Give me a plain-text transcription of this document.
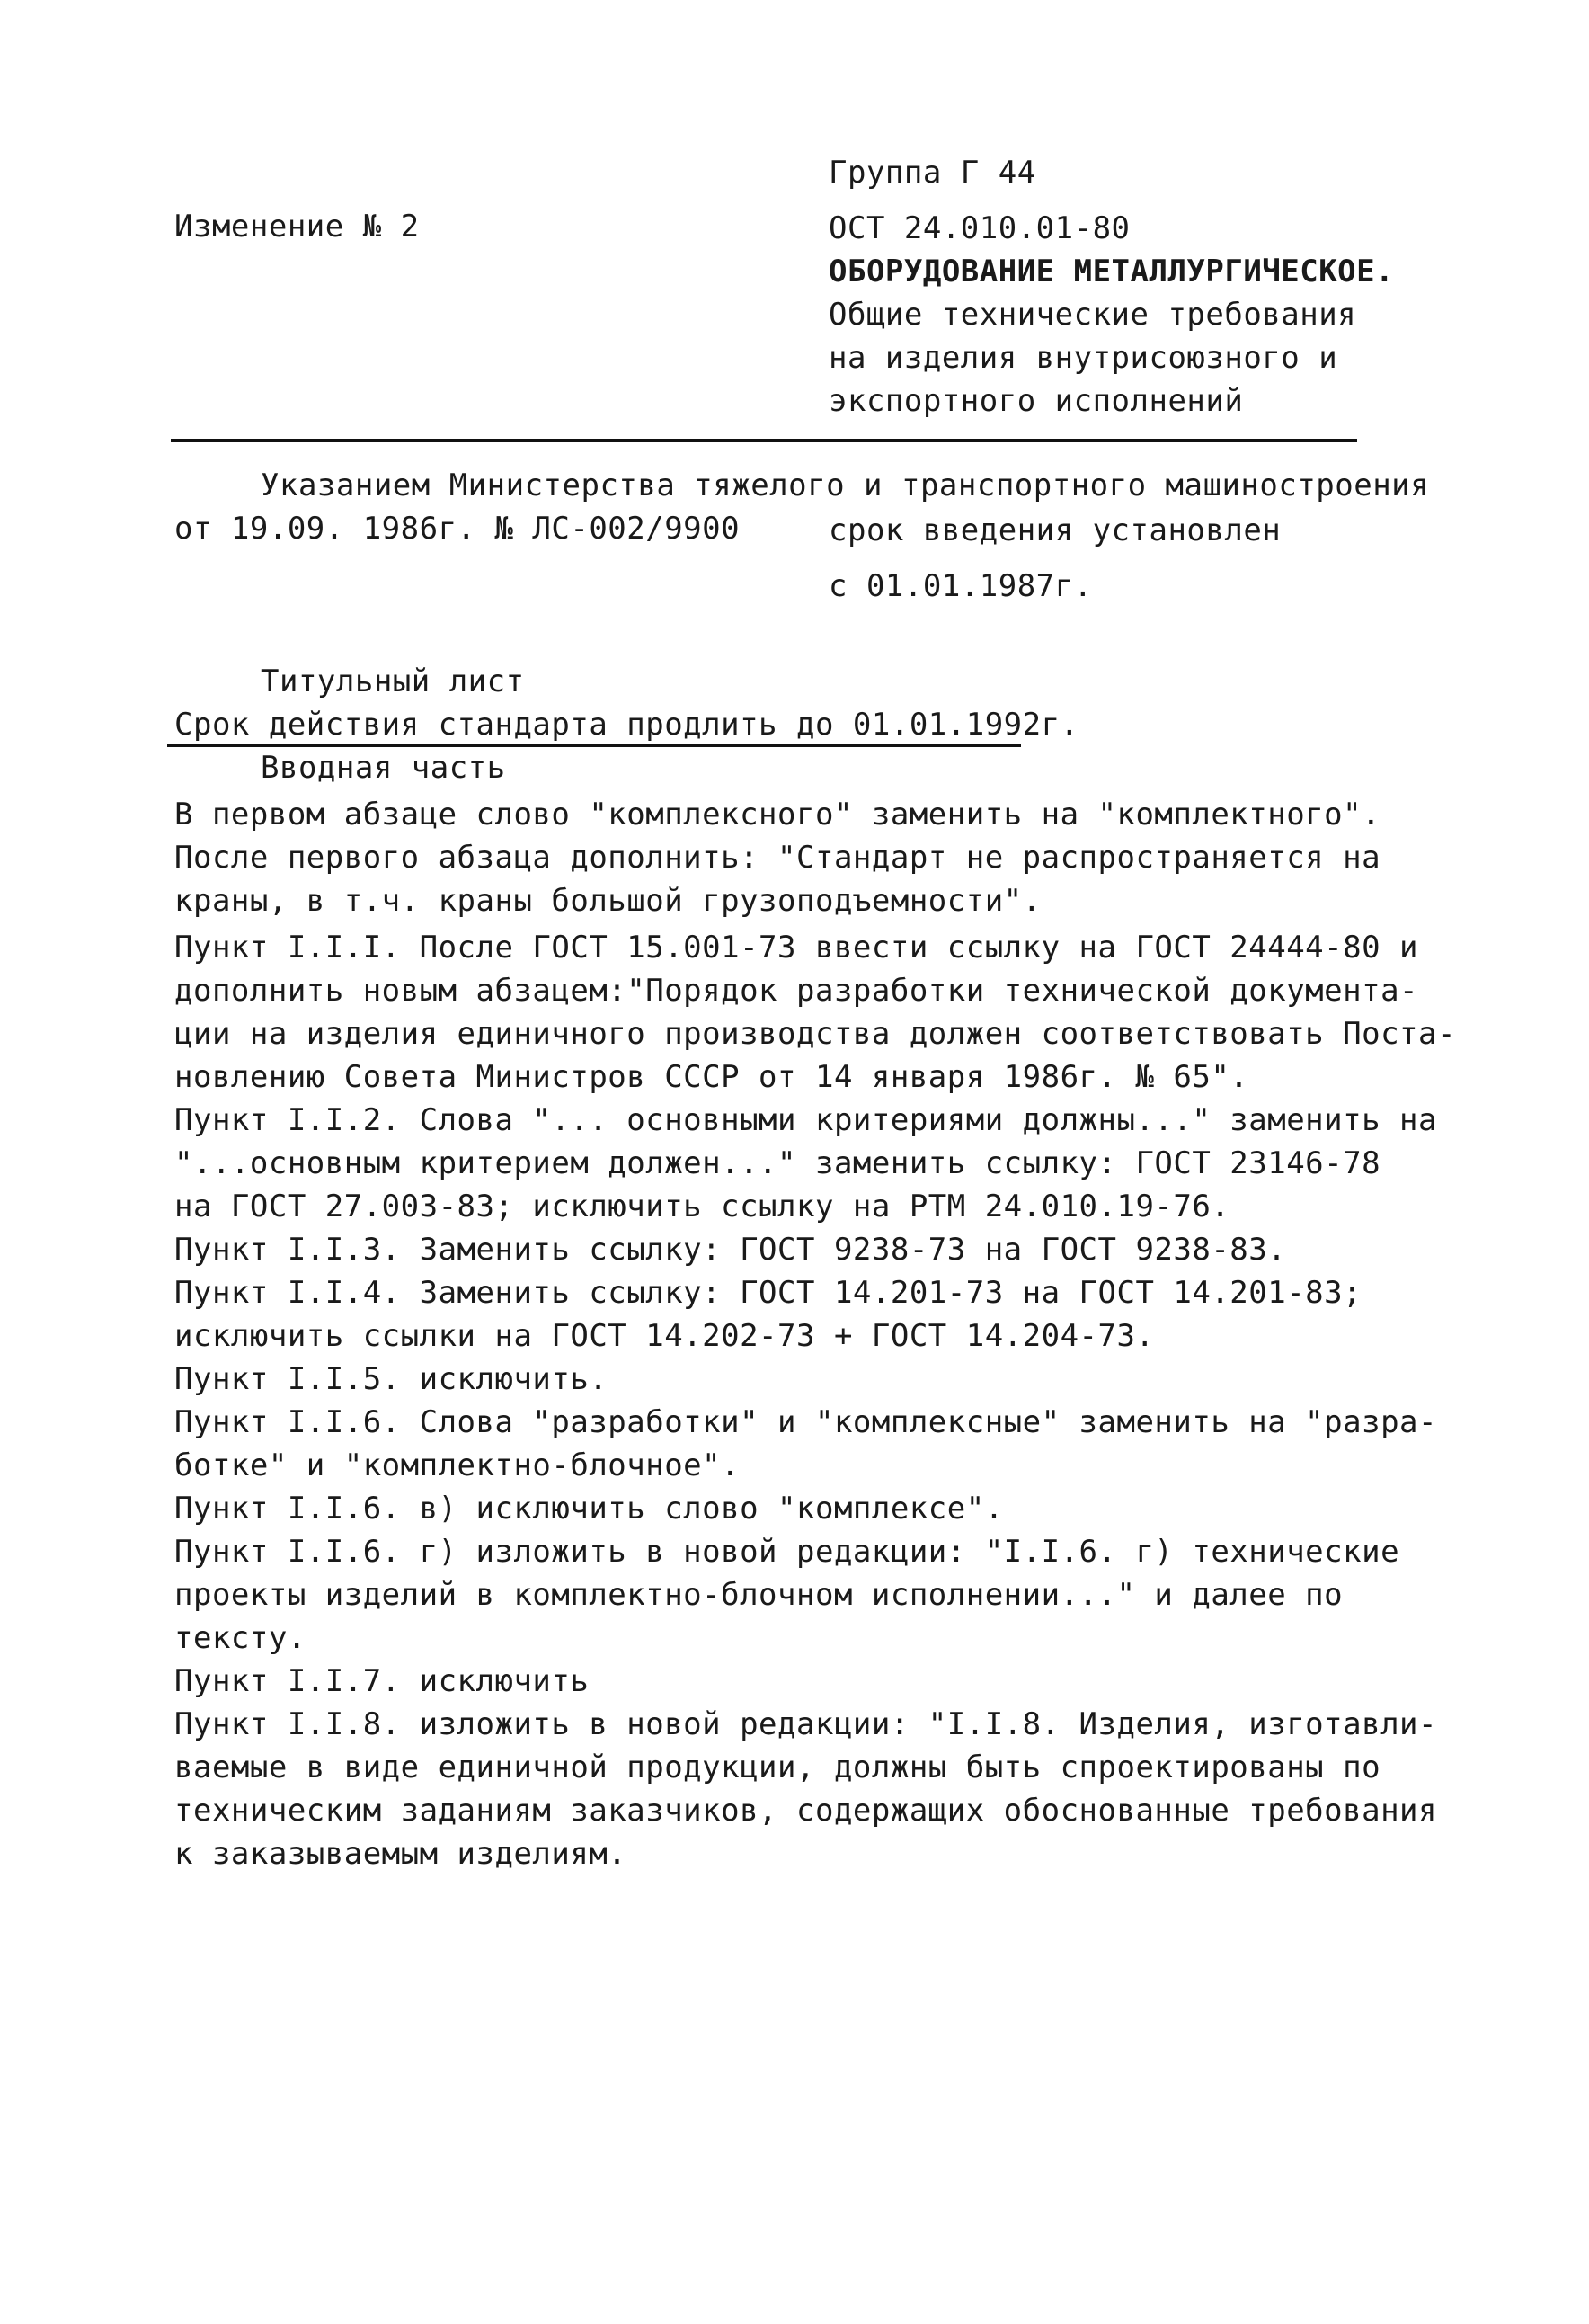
Группа Г 44
Изменение № 2	ОСТ 24.010.01-80
ОБОРУДОВАНИЕ МЕТАЛЛУРГИЧЕСКОЕ.
Общие технические требования
на изделия внутрисоюзного и
экспортного исполнений
Указанием Министерства тяжелого и транспортного машиностроения
от 19.09. 1986г. № ЛС-002/9900	срок введения установлен
с 01.01.1987г.
Титульный лист
Срок действия стандарта продлить до 01.01.1992г.
Вводная часть
В первом абзаце слово "комплексного" заменить на "комплектного".
После первого абзаца дополнить: "Стандарт не распространяется на
краны, в т.ч. краны большой грузоподъемности".
Пункт I.I.I. После ГОСТ 15.001-73 ввести ссылку на ГОСТ 24444-80 и
дополнить новым абзацем:"Порядок разработки технической документа-
ции на изделия единичного производства должен соответствовать Поста-
новлению Совета Министров СССР от 14 января 1986г. № 65".
Пункт I.I.2. Слова "... основными критериями должны..." заменить на
"...основным критерием должен..." заменить ссылку: ГОСТ 23146-78
на ГОСТ 27.003-83; исключить ссылку на РТМ 24.010.19-76.
Пункт I.I.3. Заменить ссылку: ГОСТ 9238-73 на ГОСТ 9238-83.
Пункт I.I.4. Заменить ссылку: ГОСТ 14.201-73 на ГОСТ 14.201-83;
исключить ссылки на ГОСТ 14.202-73 + ГОСТ 14.204-73.
Пункт I.I.5. исключить.
Пункт I.I.6. Слова "разработки" и "комплексные" заменить на "разра-
ботке" и "комплектно-блочное".
Пункт I.I.6. в) исключить слово "комплексе".
Пункт I.I.6. г) изложить в новой редакции: "I.I.6. г) технические
проекты изделий в комплектно-блочном исполнении..." и далее по
тексту.
Пункт I.I.7. исключить
Пункт I.I.8. изложить в новой редакции: "I.I.8. Изделия, изготавли-
ваемые в виде единичной продукции, должны быть спроектированы по
техническим заданиям заказчиков, содержащих обоснованные требования
к заказываемым изделиям.
